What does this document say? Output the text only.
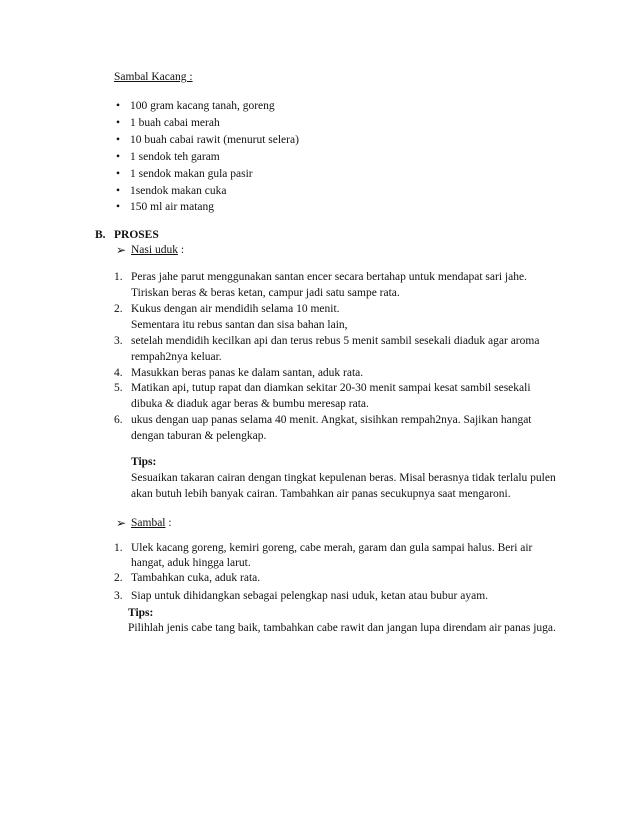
Sambal Kacang :
• 100 gram kacang tanah, goreng
• 1 buah cabai merah
• 10 buah cabai rawit (menurut selera)
• 1 sendok teh garam
• 1 sendok makan gula pasir
• 1sendok makan cuka
• 150 ml air matang
B. PROSES
➢ Nasi uduk :
1. Peras jahe parut menggunakan santan encer secara bertahap untuk mendapat sari jahe.
Tiriskan beras & beras ketan, campur jadi satu sampe rata.
2. Kukus dengan air mendidih selama 10 menit.
Sementara itu rebus santan dan sisa bahan lain,
3. setelah mendidih kecilkan api dan terus rebus 5 menit sambil sesekali diaduk agar aroma
rempah2nya keluar.
4. Masukkan beras panas ke dalam santan, aduk rata.
5. Matikan api, tutup rapat dan diamkan sekitar 20-30 menit sampai kesat sambil sesekali
dibuka & diaduk agar beras & bumbu meresap rata.
6. ukus dengan uap panas selama 40 menit. Angkat, sisihkan rempah2nya. Sajikan hangat
dengan taburan & pelengkap.
Tips:
Sesuaikan takaran cairan dengan tingkat kepulenan beras. Misal berasnya tidak terlalu pulen
akan butuh lebih banyak cairan. Tambahkan air panas secukupnya saat mengaroni.
➢ Sambal :
1. Ulek kacang goreng, kemiri goreng, cabe merah, garam dan gula sampai halus. Beri air
hangat, aduk hingga larut.
2. Tambahkan cuka, aduk rata.
3. Siap untuk dihidangkan sebagai pelengkap nasi uduk, ketan atau bubur ayam.
Tips:
Pilihlah jenis cabe tang baik, tambahkan cabe rawit dan jangan lupa direndam air panas juga.
